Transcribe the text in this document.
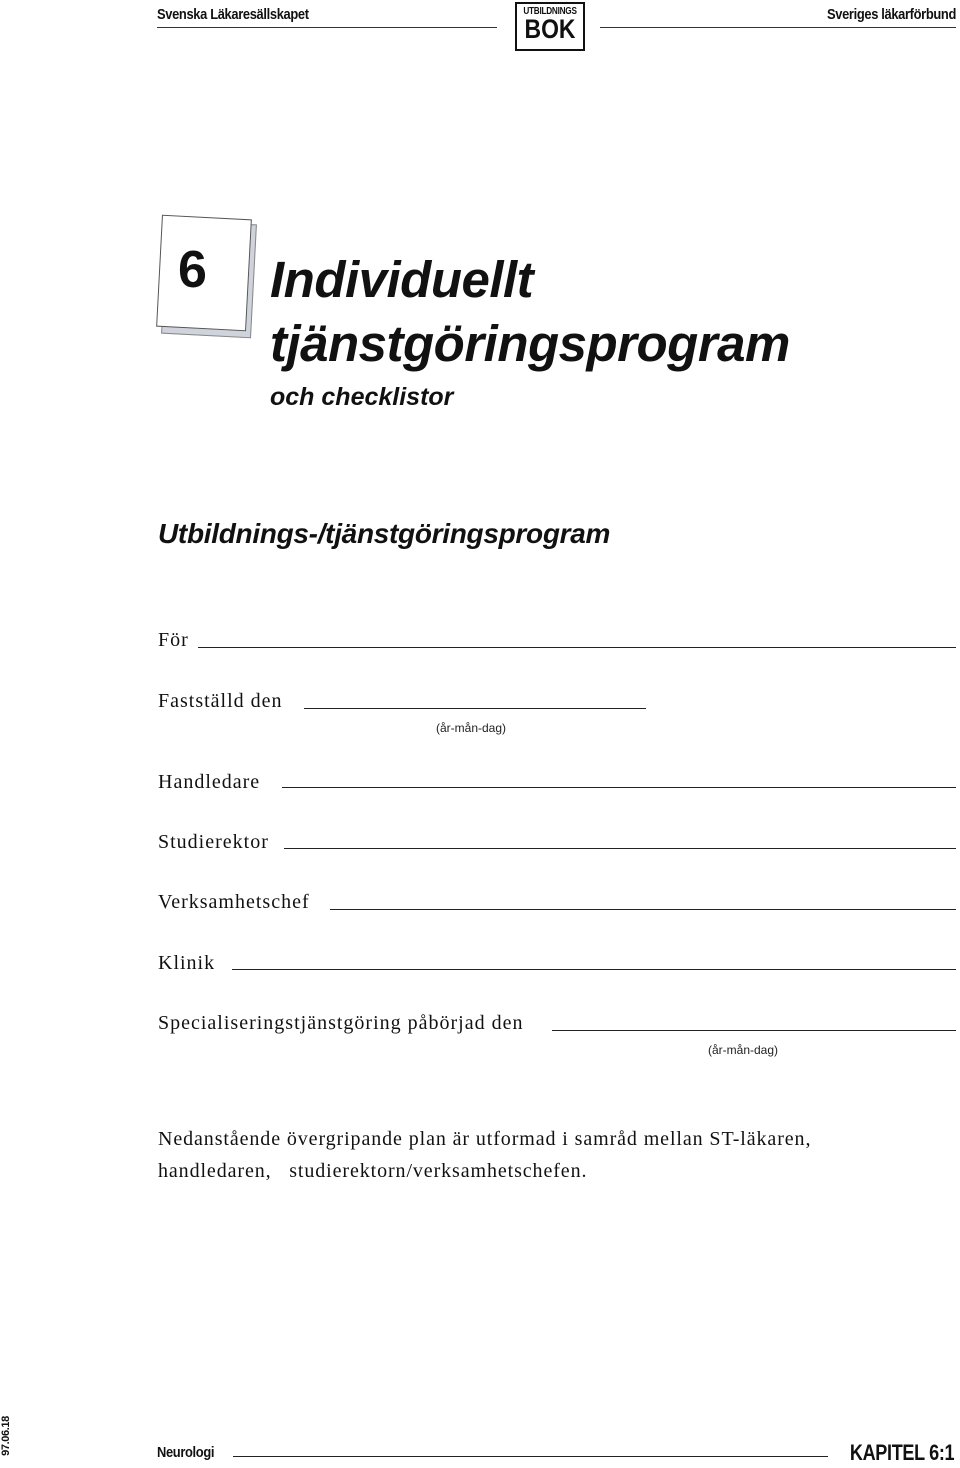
Svenska Läkaresällskapet	UTBILDNINGS
BOK	Sveriges läkarförbund
6 Individuellt
tjänstgöringsprogram
och checklistor
Utbildnings-/tjänstgöringsprogram
För
Fastställd den
(år-mån-dag)
Handledare
Studierektor
Verksamhetschef
Klinik
Specialiseringstjänstgöring påbörjad den
(år-mån-dag)
Nedanstående övergripande plan är utformad i samråd mellan ST-läkaren,
handledaren,   studierektorn/verksamhetschefen.
97.06.18	Neurologi	KAPITEL 6:1
